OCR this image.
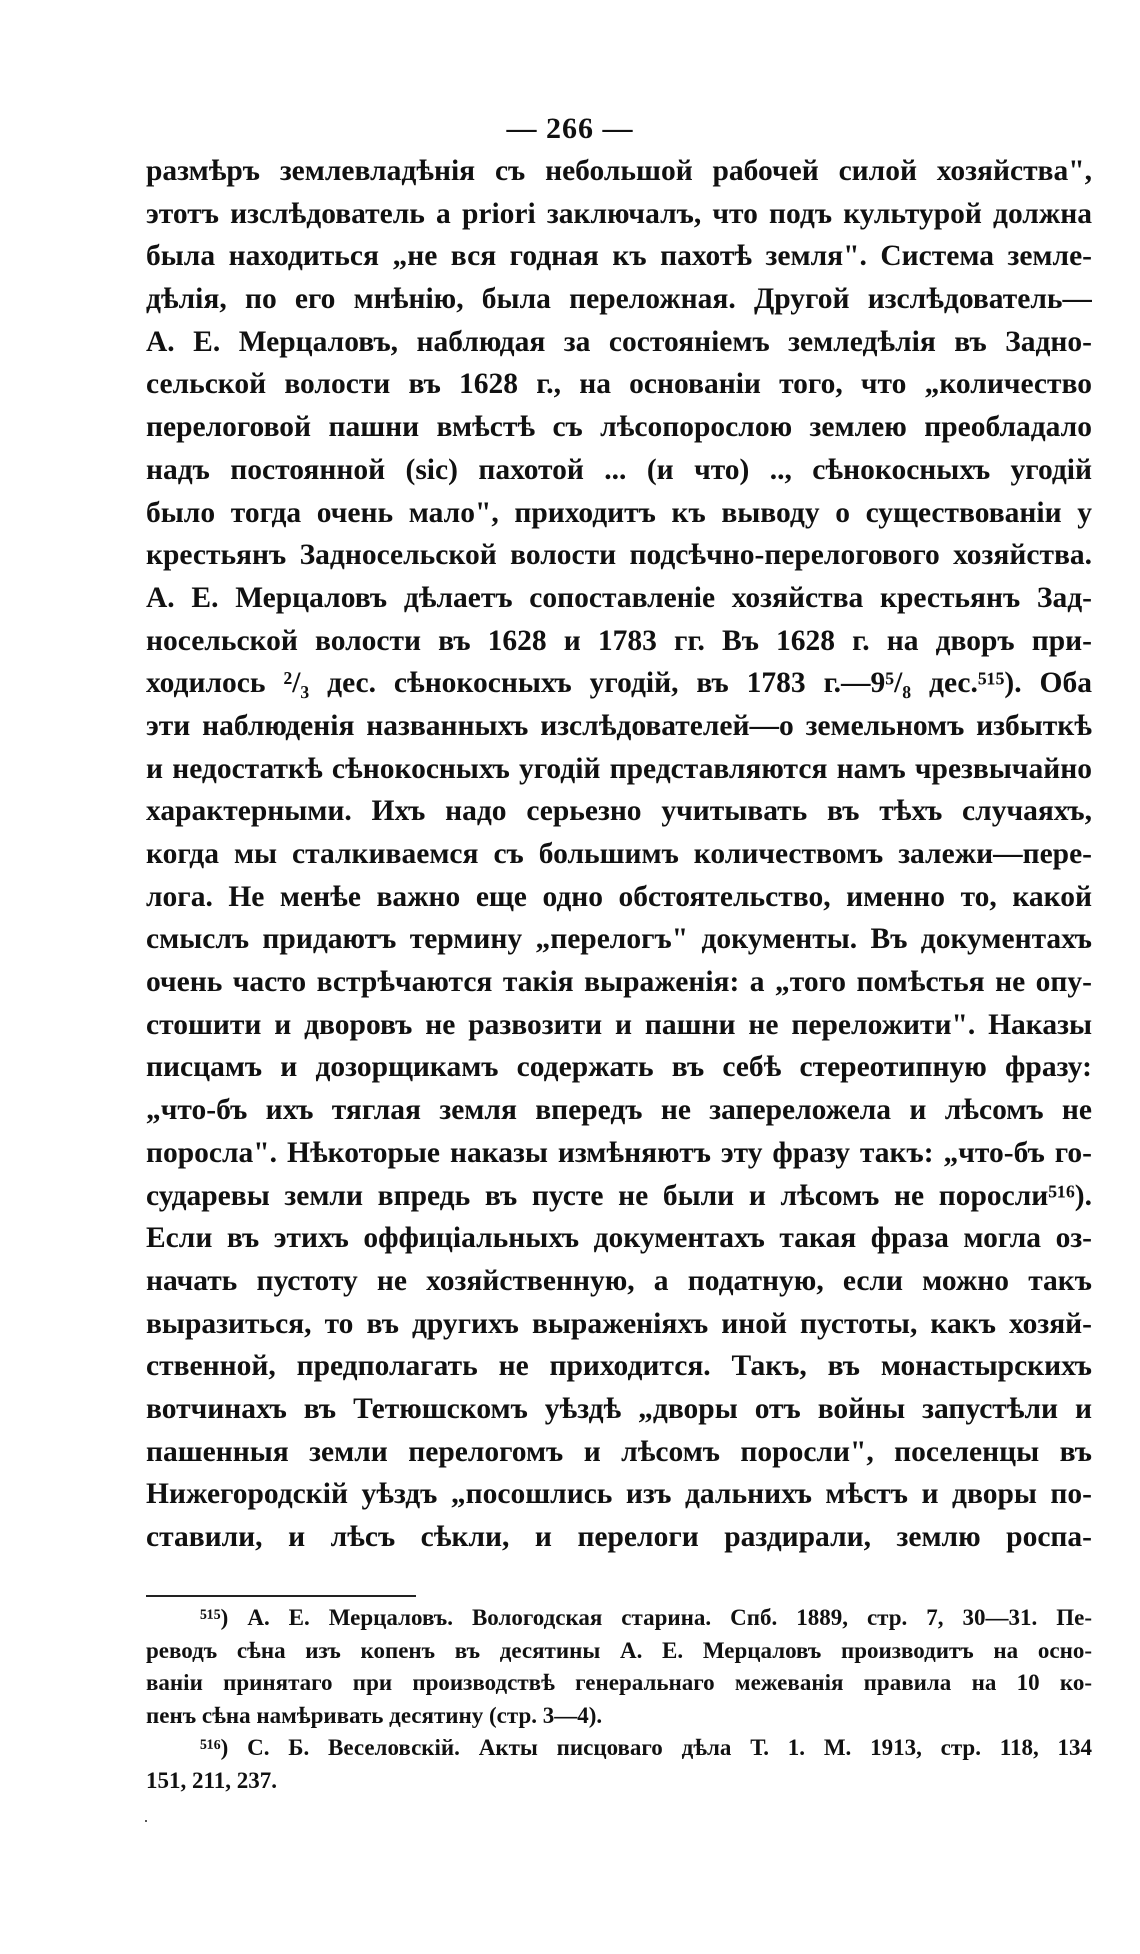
— 266 —
размѣръ землевладѣнія съ небольшой рабочей силой хозяйства",
этотъ изслѣдователь a priori заключалъ, что подъ культурой должна
была находиться „не вся годная къ пахотѣ земля". Система земле-
дѣлія, по его мнѣнію, была переложная. Другой изслѣдователь—
А. Е. Мерцаловъ, наблюдая за состояніемъ земледѣлія въ Задно-
сельской волости въ 1628 г., на основаніи того, что „количество
перелоговой пашни вмѣстѣ съ лѣсопорослою землею преобладало
надъ постоянной (sic) пахотой ... (и что) .., сѣнокосныхъ угодій
было тогда очень мало", приходитъ къ выводу о существованіи у
крестьянъ Задносельской волости подсѣчно-перелогового хозяйства.
А. Е. Мерцаловъ дѣлаетъ сопоставленіе хозяйства крестьянъ Зад-
носельской волости въ 1628 и 1783 гг. Въ 1628 г. на дворъ при-
ходилось ²/₃ дес. сѣнокосныхъ угодій, въ 1783 г.—9⁵/₈ дес.⁵¹⁵). Оба
эти наблюденія названныхъ изслѣдователей—о земельномъ избыткѣ
и недостаткѣ сѣнокосныхъ угодій представляются намъ чрезвычайно
характерными. Ихъ надо серьезно учитывать въ тѣхъ случаяхъ,
когда мы сталкиваемся съ большимъ количествомъ залежи—пере-
лога. Не менѣе важно еще одно обстоятельство, именно то, какой
смыслъ придаютъ термину „перелогъ" документы. Въ документахъ
очень часто встрѣчаются такія выраженія: а „того помѣстья не опу-
стошити и дворовъ не развозити и пашни не переложити". Наказы
писцамъ и дозорщикамъ содержать въ себѣ стереотипную фразу:
„что-бъ ихъ тяглая земля впередъ не запереложела и лѣсомъ не
поросла". Нѣкоторые наказы измѣняютъ эту фразу такъ: „что-бъ го-
сударевы земли впредь въ пусте не были и лѣсомъ не поросли⁵¹⁶).
Если въ этихъ оффиціальныхъ документахъ такая фраза могла оз-
начать пустоту не хозяйственную, а податную, если можно такъ
выразиться, то въ другихъ выраженіяхъ иной пустоты, какъ хозяй-
ственной, предполагать не приходится. Такъ, въ монастырскихъ
вотчинахъ въ Тетюшскомъ уѣздѣ „дворы отъ войны запустѣли и
пашенныя земли перелогомъ и лѣсомъ поросли", поселенцы въ
Нижегородскій уѣздъ „посошлись изъ дальнихъ мѣстъ и дворы по-
ставили, и лѣсъ сѣкли, и перелоги раздирали, землю роспа-
⁵¹⁵) А. Е. Мерцаловъ. Вологодская старина. Спб. 1889, стр. 7, 30—31. Пе-
реводъ сѣна изъ копенъ въ десятины А. Е. Мерцаловъ производитъ на осно-
ваніи принятаго при производствѣ генеральнаго межеванія правила на 10 ко-
пенъ сѣна намѣривать десятину (стр. 3—4).
⁵¹⁶) С. Б. Веселовскій. Акты писцоваго дѣла Т. 1. М. 1913, стр. 118, 134
151, 211, 237.
